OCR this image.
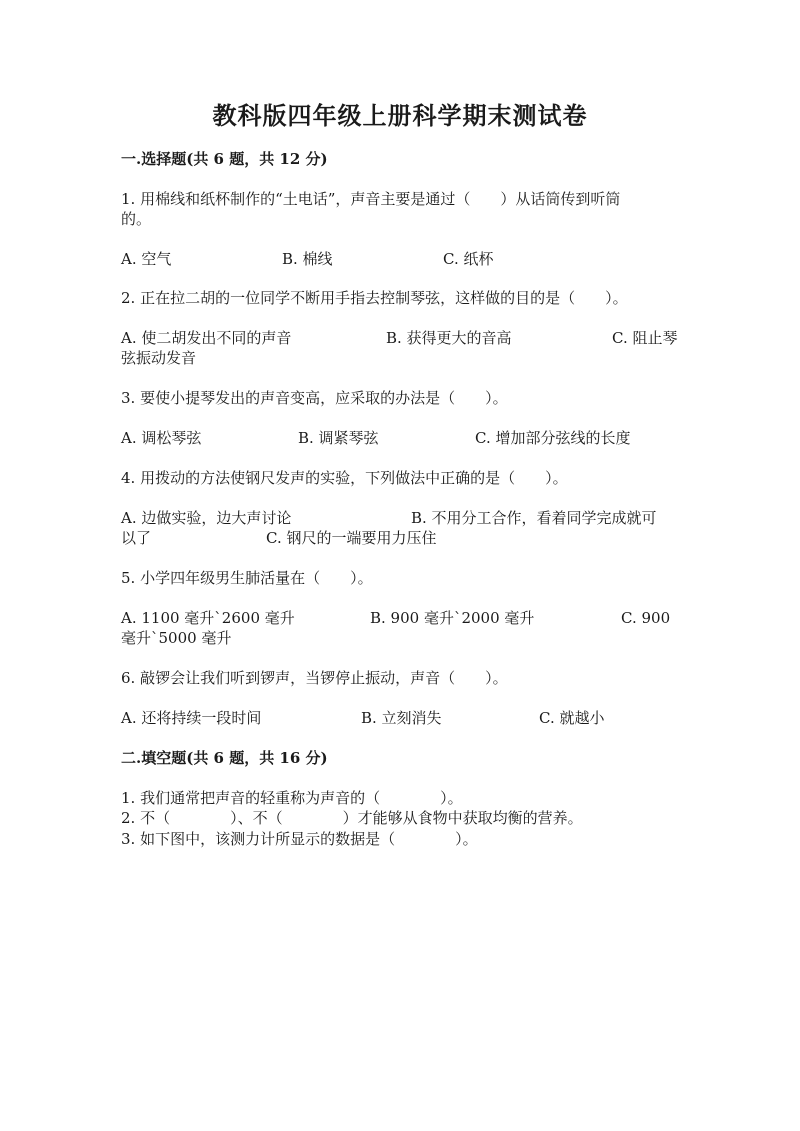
教科版四年级上册科学期末测试卷
一.选择题(共 6 题，共 12 分)
1. 用棉线和纸杯制作的“土电话”，声音主要是通过（　　）从话筒传到听筒
的。
A. 空气	B. 棉线	C. 纸杯
2. 正在拉二胡的一位同学不断用手指去控制琴弦，这样做的目的是（　　）。
A. 使二胡发出不同的声音	B. 获得更大的音高	C. 阻止琴
弦振动发音
3. 要使小提琴发出的声音变高，应采取的办法是（　　）。
A. 调松琴弦	B. 调紧琴弦	C. 增加部分弦线的长度
4. 用拨动的方法使钢尺发声的实验，下列做法中正确的是（　　）。
A. 边做实验，边大声讨论	B. 不用分工合作，看着同学完成就可
以了	C. 钢尺的一端要用力压住
5. 小学四年级男生肺活量在（　　）。
A. 1100 毫升`2600 毫升	B. 900 毫升`2000 毫升	C. 900
毫升`5000 毫升
6. 敲锣会让我们听到锣声，当锣停止振动，声音（　　）。
A. 还将持续一段时间	B. 立刻消失	C. 就越小
二.填空题(共 6 题，共 16 分)
1. 我们通常把声音的轻重称为声音的（　　　　）。
2. 不（　　　　）、不（　　　　）才能够从食物中获取均衡的营养。
3. 如下图中，该测力计所显示的数据是（　　　　）。
